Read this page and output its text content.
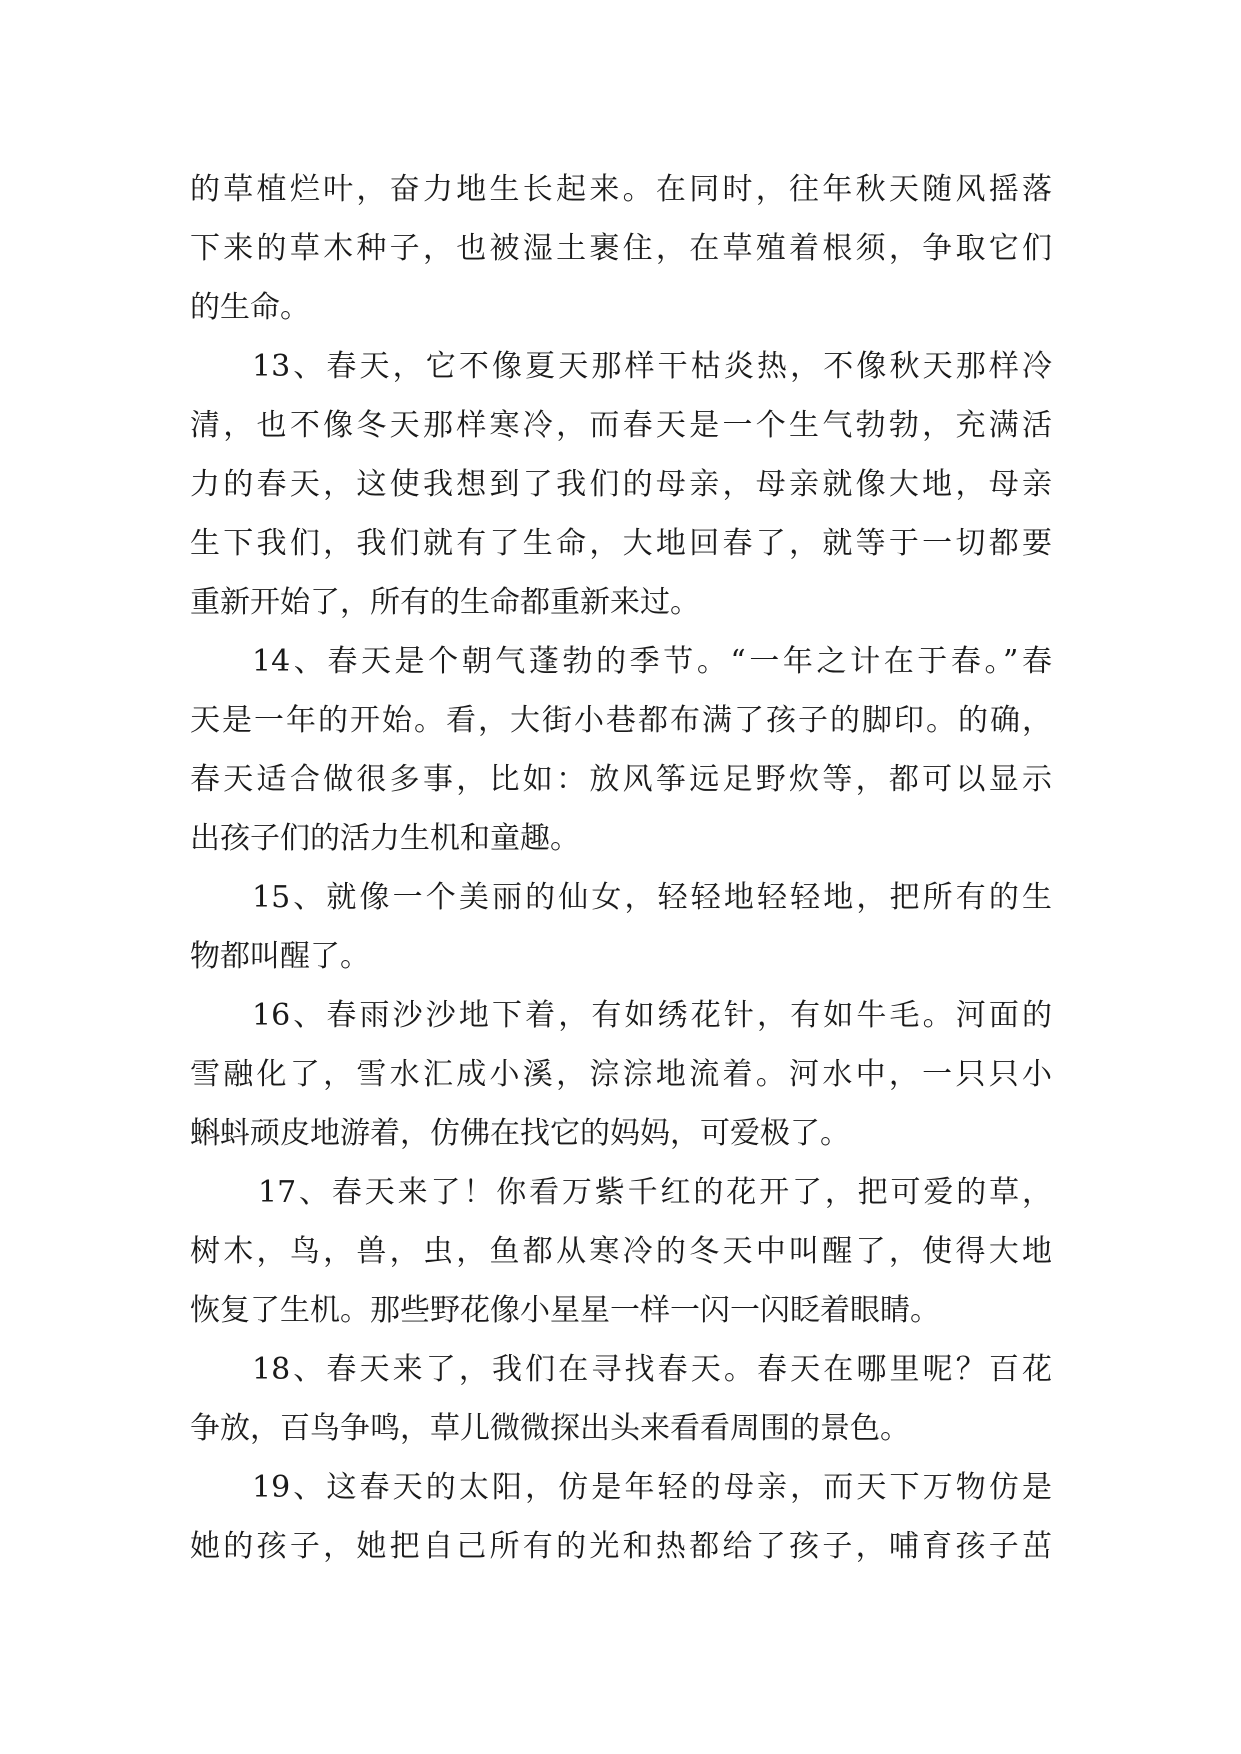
的草植烂叶，奋力地生长起来。在同时，往年秋天随风摇落
下来的草木种子，也被湿土裹住，在草殖着根须，争取它们
的生命。
13、春天，它不像夏天那样干枯炎热，不像秋天那样冷
清，也不像冬天那样寒冷，而春天是一个生气勃勃，充满活
力的春天，这使我想到了我们的母亲，母亲就像大地，母亲
生下我们，我们就有了生命，大地回春了，就等于一切都要
重新开始了，所有的生命都重新来过。
14、春天是个朝气蓬勃的季节。“一年之计在于春。”春
天是一年的开始。看，大街小巷都布满了孩子的脚印。的确，
春天适合做很多事，比如：放风筝远足野炊等，都可以显示
出孩子们的活力生机和童趣。
15、就像一个美丽的仙女，轻轻地轻轻地，把所有的生
物都叫醒了。
16、春雨沙沙地下着，有如绣花针，有如牛毛。河面的
雪融化了，雪水汇成小溪，淙淙地流着。河水中，一只只小
蝌蚪顽皮地游着，仿佛在找它的妈妈，可爱极了。
17、春天来了！你看万紫千红的花开了，把可爱的草，
树木，鸟，兽，虫，鱼都从寒冷的冬天中叫醒了，使得大地
恢复了生机。那些野花像小星星一样一闪一闪眨着眼睛。
18、春天来了，我们在寻找春天。春天在哪里呢？百花
争放，百鸟争鸣，草儿微微探出头来看看周围的景色。
19、这春天的太阳，仿是年轻的母亲，而天下万物仿是
她的孩子，她把自己所有的光和热都给了孩子，哺育孩子茁
